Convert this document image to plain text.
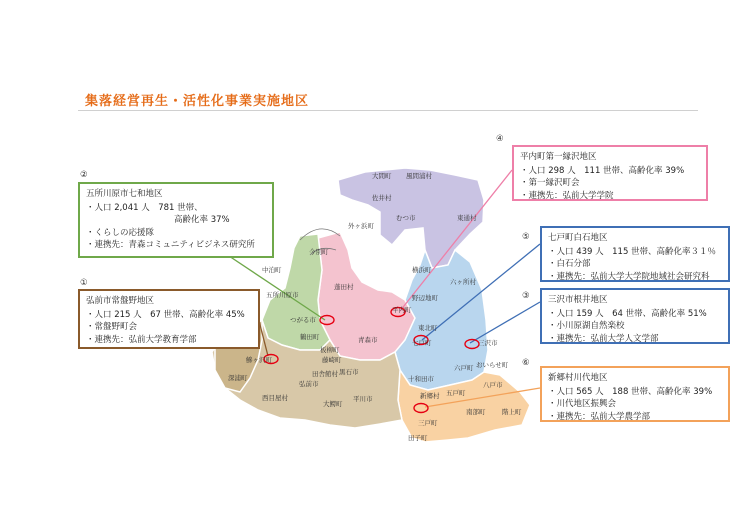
大間町 風間浦村
佐井村
むつ市	東通村
外ヶ浜町
今別町
中泊町
五所川原市
蓬田村
横浜町
六ヶ所村
つがる市
平内町
野辺地町
東北町
鰺ヶ沢町
鶴田町
板柳町
青森市	七戸町	三沢市
深浦町
藤崎町
田舎館村
弘前市
六戸町 おいらせ町
黒石市
十和田市
西目屋村
大鰐町
平川市
五戸町
八戸市
新郷村
南部町	階上町
三戸町
田子町
集落経営再生・活性化事業実施地区
②
五所川原市七和地区
・人口 2,041 人　781 世帯、
高齢化率 37%
・くらしの応援隊
・連携先：青森コミュニティビジネス研究所
①
弘前市常盤野地区
・人口 215 人　67 世帯、高齢化率 45%
・常盤野町会
・連携先：弘前大学教育学部
④
平内町第一縁沢地区
・人口 298 人　111 世帯、高齢化率 39%
・第一縁沢町会
・連携先：弘前大学学院
⑤ 七戸町白石地区
・人口 439 人　115 世帯、高齢化率３１％
・白石分部
・連携先：弘前大学大学院地域社会研究科
③ 三沢市根井地区
・人口 159 人　64 世帯、高齢化率 51%
・小川原湖自然楽校
・連携先：弘前大学人文学部
⑥
新郷村川代地区
・人口 565 人　188 世帯、高齢化率 39%
・川代地区振興会
・連携先：弘前大学農学部
